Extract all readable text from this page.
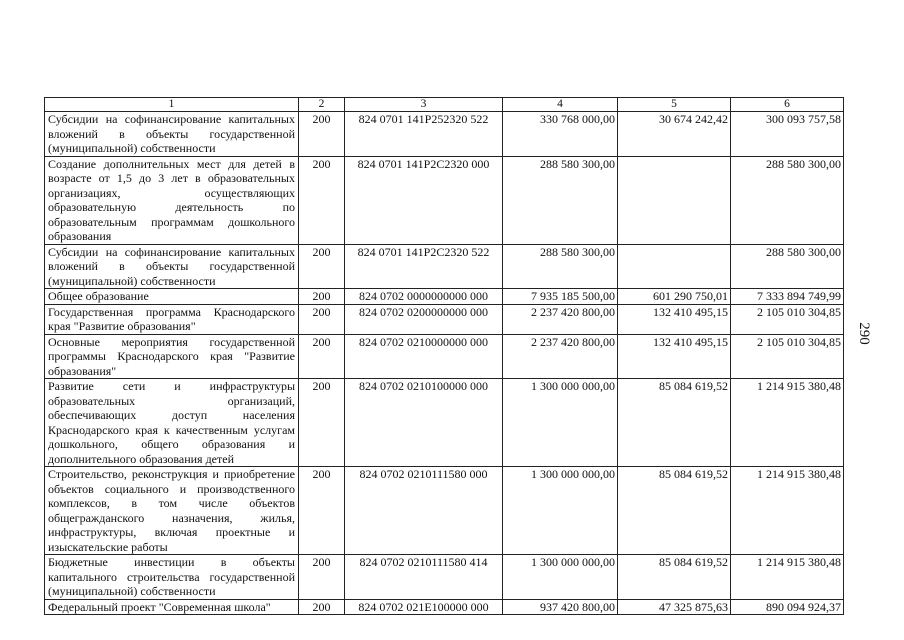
1	2	3	4	5	6
Субсидии на софинансирование капитальных вложений в объекты государственной (муниципальной) собственности	200	824 0701 141P252320 522	330 768 000,00	30 674 242,42	300 093 757,58
Создание дополнительных мест для детей в возрасте от 1,5 до 3 лет в образовательных организациях, осуществляющих образовательную деятельность по образовательным программам дошкольного образования	200	824 0701 141P2C2320 000	288 580 300,00		288 580 300,00
Субсидии на софинансирование капитальных вложений в объекты государственной (муниципальной) собственности	200	824 0701 141P2C2320 522	288 580 300,00		288 580 300,00
Общее образование	200	824 0702 0000000000 000	7 935 185 500,00	601 290 750,01	7 333 894 749,99
Государственная программа Краснодарского края "Развитие образования"	200	824 0702 0200000000 000	2 237 420 800,00	132 410 495,15	2 105 010 304,85
Основные мероприятия государственной программы Краснодарского края "Развитие образования"	200	824 0702 0210000000 000	2 237 420 800,00	132 410 495,15	2 105 010 304,85
Развитие сети и инфраструктуры образовательных организаций, обеспечивающих доступ населения Краснодарского края к качественным услугам дошкольного, общего образования и дополнительного образования детей	200	824 0702 0210100000 000	1 300 000 000,00	85 084 619,52	1 214 915 380,48
Строительство, реконструкция и приобретение объектов социального и производственного комплексов, в том числе объектов общегражданского назначения, жилья, инфраструктуры, включая проектные и изыскательские работы	200	824 0702 0210111580 000	1 300 000 000,00	85 084 619,52	1 214 915 380,48
Бюджетные инвестиции в объекты капитального строительства государственной (муниципальной) собственности	200	824 0702 0210111580 414	1 300 000 000,00	85 084 619,52	1 214 915 380,48
Федеральный проект "Современная школа"	200	824 0702 021E100000 000	937 420 800,00	47 325 875,63	890 094 924,37
290
